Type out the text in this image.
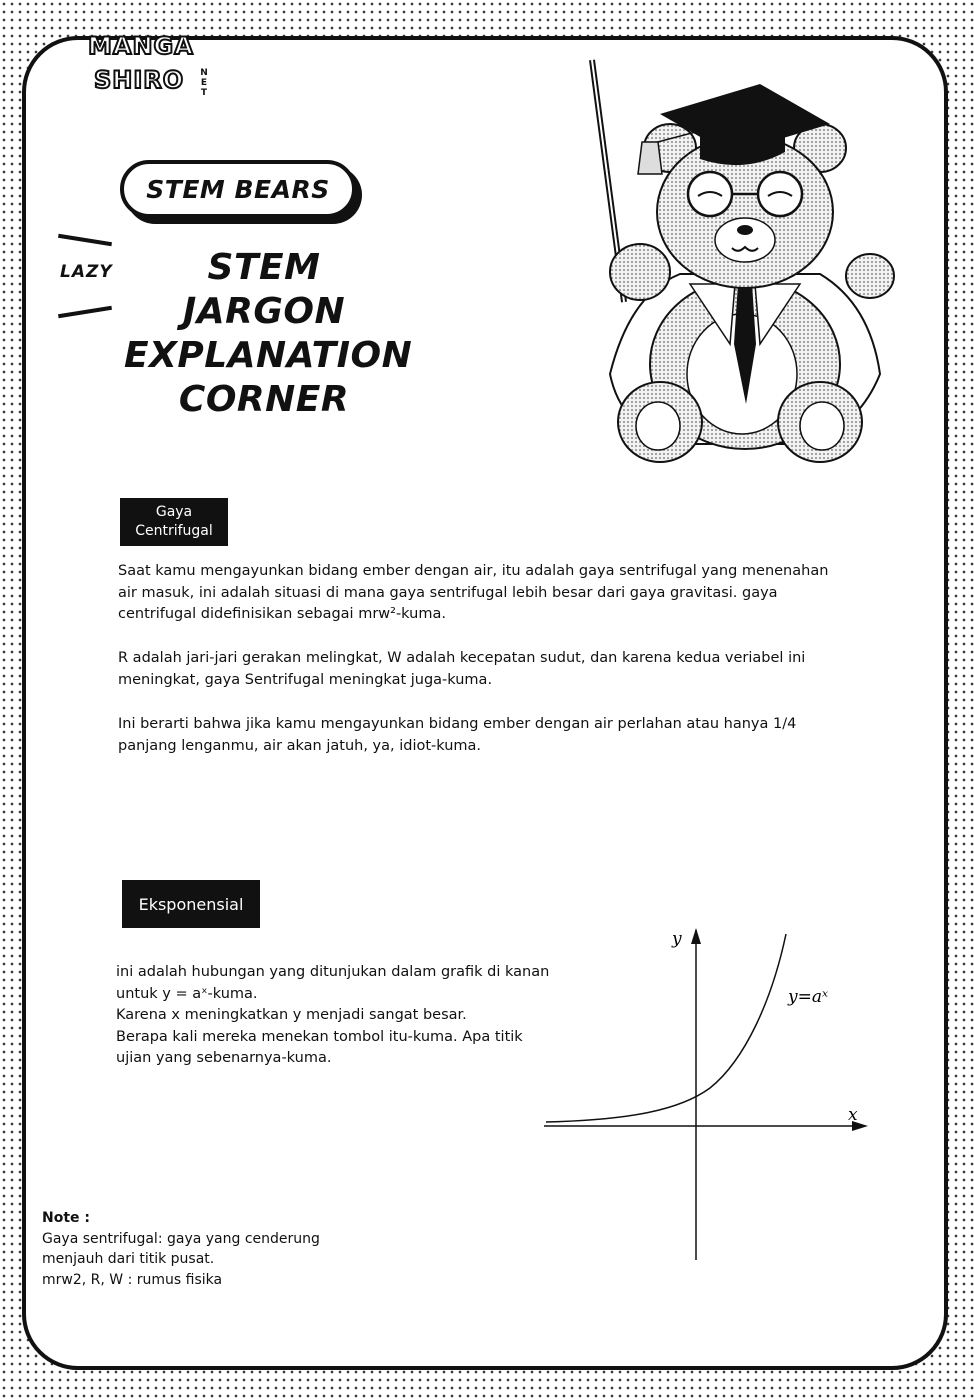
MANGA
SHIRO NET
STEM BEARS
LAZY	STEM JARGON
EXPLANATION
CORNER
Gaya
Centrifugal
Saat kamu mengayunkan bidang ember dengan air, itu adalah gaya sentrifugal yang menenahan
air masuk, ini adalah situasi di mana gaya sentrifugal lebih besar dari gaya gravitasi. gaya
centrifugal didefinisikan sebagai mrw²-kuma.
R adalah jari-jari gerakan melingkat, W adalah kecepatan sudut, dan karena kedua veriabel ini
meningkat, gaya Sentrifugal meningkat juga-kuma.
Ini berarti bahwa jika kamu mengayunkan bidang ember dengan air perlahan atau hanya 1/4
panjang lenganmu, air akan jatuh, ya, idiot-kuma.
Eksponensial
ini adalah hubungan yang ditunjukan dalam grafik di kanan
untuk y = aˣ-kuma.
Karena x meningkatkan y menjadi sangat besar.
Berapa kali mereka menekan tombol itu-kuma. Apa titik
ujian yang sebenarnya-kuma.
y
x
y=aˣ
Note :
Gaya sentrifugal: gaya yang cenderung
menjauh dari titik pusat.
mrw2, R, W : rumus fisika
